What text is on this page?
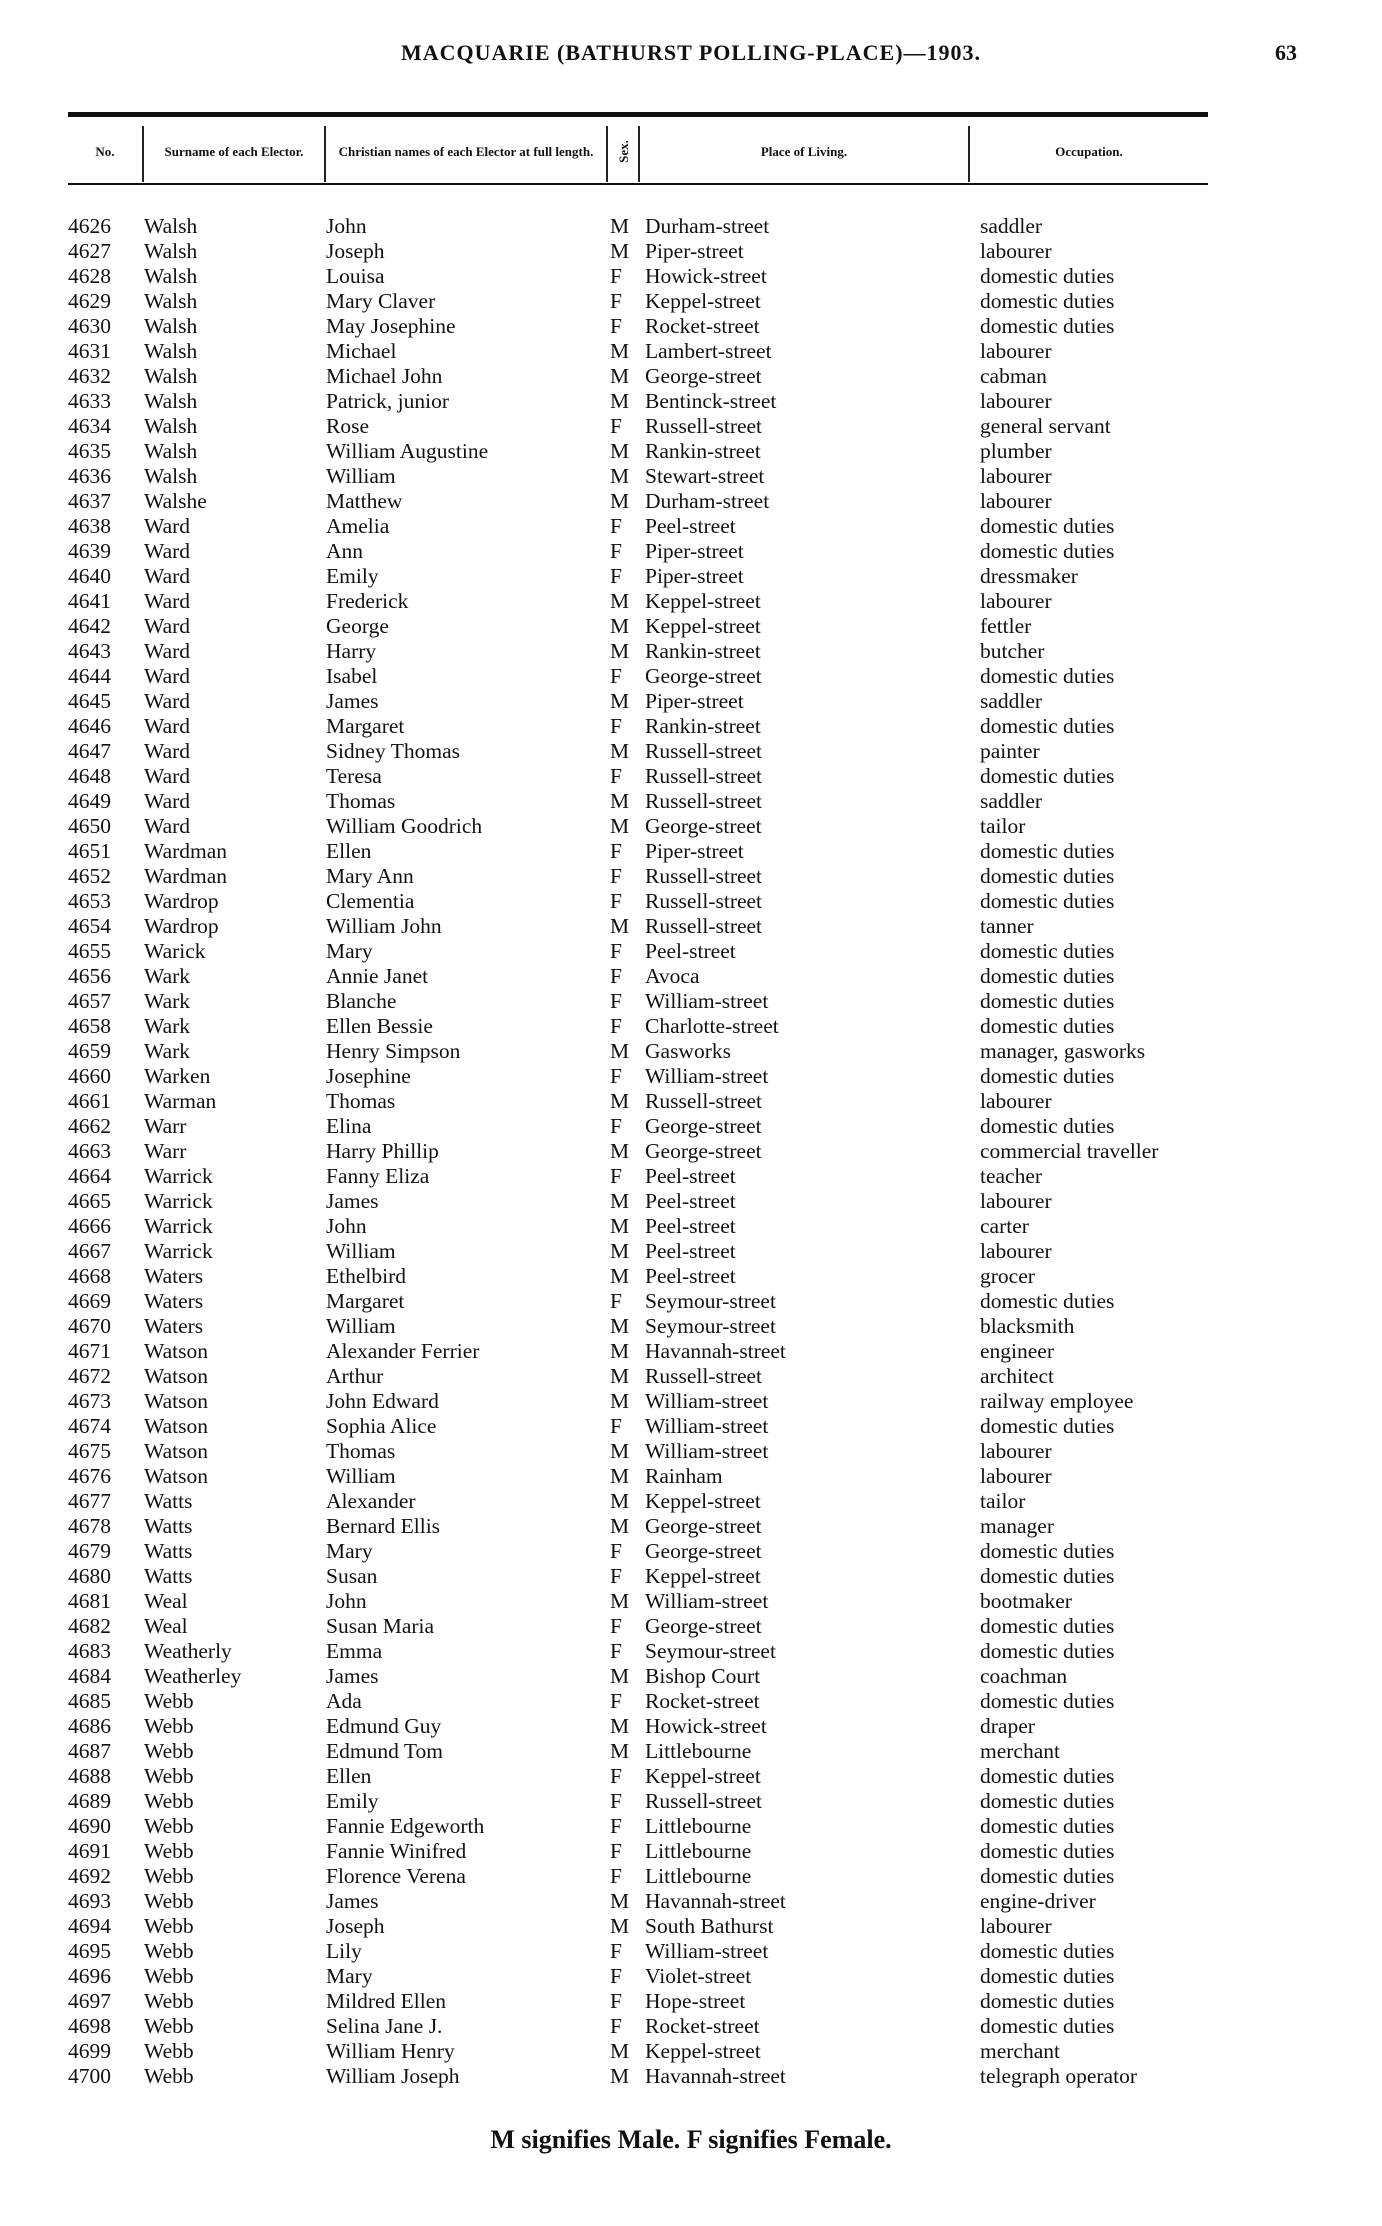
MACQUARIE (BATHURST POLLING-PLACE)—1903.	63
No.	Surname of each Elector.	Christian names of each Elector at full length.	Sex.	Place of Living.	Occupation.
4626	Walsh	John	M Durham-street	saddler
4627	Walsh	Joseph	M Piper-street	labourer
4628	Walsh	Louisa	F	Howick-street	domestic duties
4629	Walsh	Mary Claver	F	Keppel-street	domestic duties
4630	Walsh	May Josephine	F	Rocket-street	domestic duties
4631	Walsh	Michael	M Lambert-street	labourer
4632	Walsh	Michael John	M George-street	cabman
4633	Walsh	Patrick, junior	M Bentinck-street	labourer
4634	Walsh	Rose	F	Russell-street	general servant
4635	Walsh	William Augustine	M Rankin-street	plumber
4636	Walsh	William	M Stewart-street	labourer
4637	Walshe	Matthew	M Durham-street	labourer
4638	Ward	Amelia	F	Peel-street	domestic duties
4639	Ward	Ann	F	Piper-street	domestic duties
4640	Ward	Emily	F	Piper-street	dressmaker
4641	Ward	Frederick	M Keppel-street	labourer
4642	Ward	George	M Keppel-street	fettler
4643	Ward	Harry	M Rankin-street	butcher
4644	Ward	Isabel	F	George-street	domestic duties
4645	Ward	James	M Piper-street	saddler
4646	Ward	Margaret	F	Rankin-street	domestic duties
4647	Ward	Sidney Thomas	M Russell-street	painter
4648	Ward	Teresa	F	Russell-street	domestic duties
4649	Ward	Thomas	M Russell-street	saddler
4650	Ward	William Goodrich	M George-street	tailor
4651	Wardman	Ellen	F	Piper-street	domestic duties
4652	Wardman	Mary Ann	F	Russell-street	domestic duties
4653	Wardrop	Clementia	F	Russell-street	domestic duties
4654	Wardrop	William John	M Russell-street	tanner
4655	Warick	Mary	F	Peel-street	domestic duties
4656	Wark	Annie Janet	F	Avoca	domestic duties
4657	Wark	Blanche	F	William-street	domestic duties
4658	Wark	Ellen Bessie	F	Charlotte-street	domestic duties
4659	Wark	Henry Simpson	M Gasworks	manager, gasworks
4660	Warken	Josephine	F	William-street	domestic duties
4661	Warman	Thomas	M Russell-street	labourer
4662	Warr	Elina	F	George-street	domestic duties
4663	Warr	Harry Phillip	M George-street	commercial traveller
4664	Warrick	Fanny Eliza	F	Peel-street	teacher
4665	Warrick	James	M Peel-street	labourer
4666	Warrick	John	M Peel-street	carter
4667	Warrick	William	M Peel-street	labourer
4668	Waters	Ethelbird	M Peel-street	grocer
4669	Waters	Margaret	F	Seymour-street	domestic duties
4670	Waters	William	M Seymour-street	blacksmith
4671	Watson	Alexander Ferrier	M Havannah-street	engineer
4672	Watson	Arthur	M Russell-street	architect
4673	Watson	John Edward	M William-street	railway employee
4674	Watson	Sophia Alice	F	William-street	domestic duties
4675	Watson	Thomas	M William-street	labourer
4676	Watson	William	M Rainham	labourer
4677	Watts	Alexander	M Keppel-street	tailor
4678	Watts	Bernard Ellis	M George-street	manager
4679	Watts	Mary	F	George-street	domestic duties
4680	Watts	Susan	F	Keppel-street	domestic duties
4681	Weal	John	M William-street	bootmaker
4682	Weal	Susan Maria	F	George-street	domestic duties
4683	Weatherly	Emma	F	Seymour-street	domestic duties
4684	Weatherley	James	M Bishop Court	coachman
4685	Webb	Ada	F	Rocket-street	domestic duties
4686	Webb	Edmund Guy	M Howick-street	draper
4687	Webb	Edmund Tom	M Littlebourne	merchant
4688	Webb	Ellen	F	Keppel-street	domestic duties
4689	Webb	Emily	F	Russell-street	domestic duties
4690	Webb	Fannie Edgeworth	F	Littlebourne	domestic duties
4691	Webb	Fannie Winifred	F	Littlebourne	domestic duties
4692	Webb	Florence Verena	F	Littlebourne	domestic duties
4693	Webb	James	M Havannah-street	engine-driver
4694	Webb	Joseph	M South Bathurst	labourer
4695	Webb	Lily	F	William-street	domestic duties
4696	Webb	Mary	F	Violet-street	domestic duties
4697	Webb	Mildred Ellen	F	Hope-street	domestic duties
4698	Webb	Selina Jane J.	F	Rocket-street	domestic duties
4699	Webb	William Henry	M Keppel-street	merchant
4700	Webb	William Joseph	M Havannah-street	telegraph operator
M signifies Male. F signifies Female.
